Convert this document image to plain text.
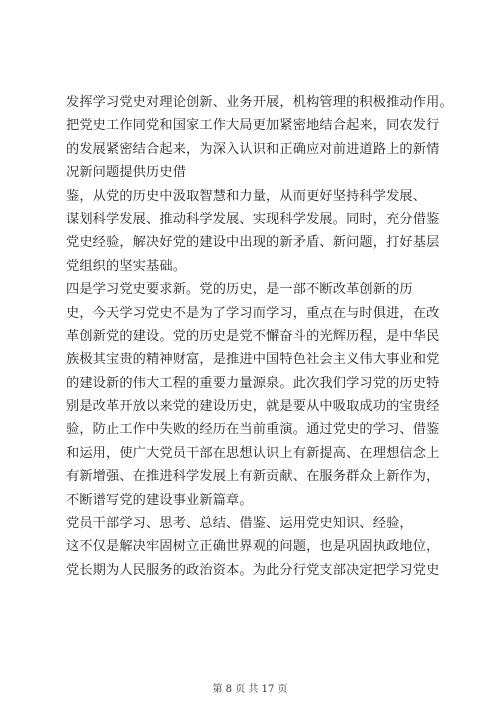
发挥学习党史对理论创新、业务开展，机构管理的积极推动作用。
把党史工作同党和国家工作大局更加紧密地结合起来，同农发行
的发展紧密结合起来，为深入认识和正确应对前进道路上的新情
况新问题提供历史借
鉴，从党的历史中汲取智慧和力量，从而更好坚持科学发展、
谋划科学发展、推动科学发展、实现科学发展。同时，充分借鉴
党史经验，解决好党的建设中出现的新矛盾、新问题，打好基层
党组织的坚实基础。
四是学习党史要求新。党的历史，是一部不断改革创新的历
史，今天学习党史不是为了学习而学习，重点在与时俱进，在改
革创新党的建设。党的历史是党不懈奋斗的光辉历程，是中华民
族极其宝贵的精神财富，是推进中国特色社会主义伟大事业和党
的建设新的伟大工程的重要力量源泉。此次我们学习党的历史特
别是改革开放以来党的建设历史，就是要从中吸取成功的宝贵经
验，防止工作中失败的经历在当前重演。通过党史的学习、借鉴
和运用，使广大党员干部在思想认识上有新提高、在理想信念上
有新增强、在推进科学发展上有新贡献、在服务群众上新作为，
不断谱写党的建设事业新篇章。
党员干部学习、思考、总结、借鉴、运用党史知识、经验，
这不仅是解决牢固树立正确世界观的问题，也是巩固执政地位，
党长期为人民服务的政治资本。为此分行党支部决定把学习党史
第 8 页 共 17 页
